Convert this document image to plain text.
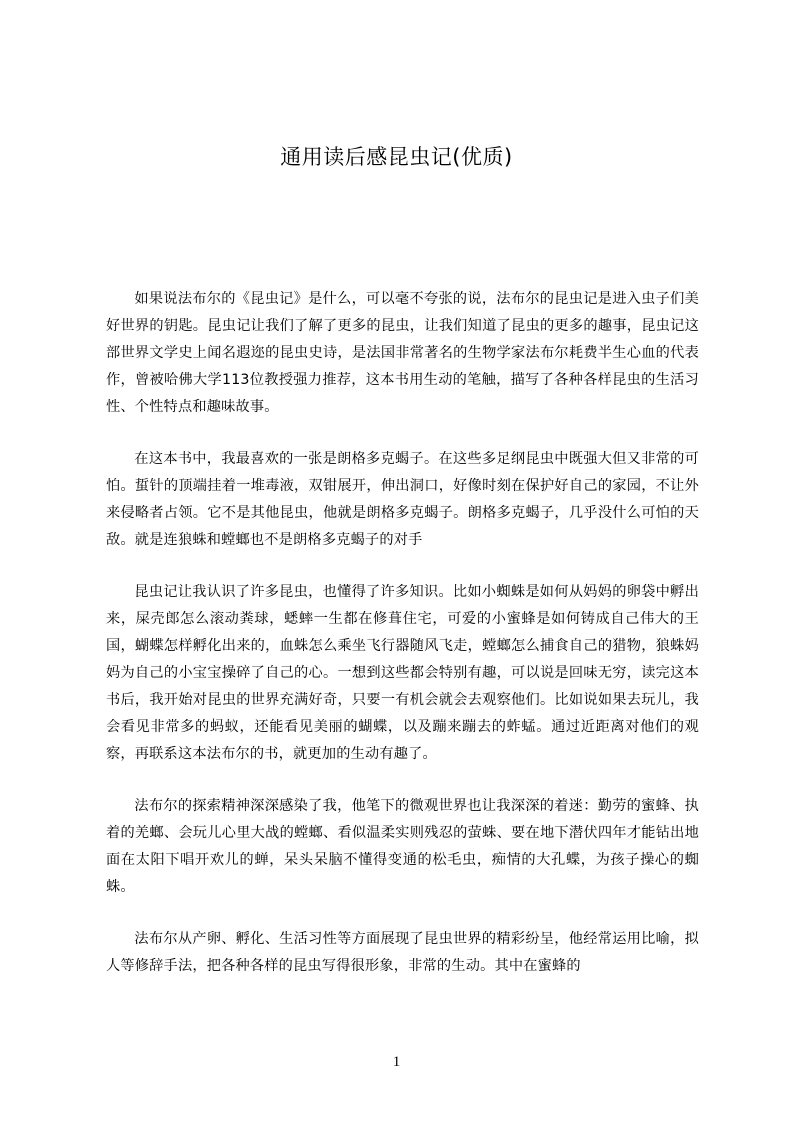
通用读后感昆虫记(优质)

如果说法布尔的《昆虫记》是什么，可以毫不夸张的说，法布尔的昆虫记是进入虫子们美好世界的钥匙。昆虫记让我们了解了更多的昆虫，让我们知道了昆虫的更多的趣事，昆虫记这部世界文学史上闻名遐迩的昆虫史诗，是法国非常著名的生物学家法布尔耗费半生心血的代表作，曾被哈佛大学113位教授强力推荐，这本书用生动的笔触，描写了各种各样昆虫的生活习性、个性特点和趣味故事。

在这本书中，我最喜欢的一张是朗格多克蝎子。在这些多足纲昆虫中既强大但又非常的可怕。蜇针的顶端挂着一堆毒液，双钳展开，伸出洞口，好像时刻在保护好自己的家园，不让外来侵略者占领。它不是其他昆虫，他就是朗格多克蝎子。朗格多克蝎子，几乎没什么可怕的天敌。就是连狼蛛和螳螂也不是朗格多克蝎子的对手

昆虫记让我认识了许多昆虫，也懂得了许多知识。比如小蜘蛛是如何从妈妈的卵袋中孵出来，屎壳郎怎么滚动粪球，蟋蟀一生都在修葺住宅，可爱的小蜜蜂是如何铸成自己伟大的王国，蝴蝶怎样孵化出来的，血蛛怎么乘坐飞行器随风飞走，螳螂怎么捕食自己的猎物，狼蛛妈妈为自己的小宝宝操碎了自己的心。一想到这些都会特别有趣，可以说是回味无穷，读完这本书后，我开始对昆虫的世界充满好奇，只要一有机会就会去观察他们。比如说如果去玩儿，我会看见非常多的蚂蚁，还能看见美丽的蝴蝶，以及蹦来蹦去的蚱蜢。通过近距离对他们的观察，再联系这本法布尔的书，就更加的生动有趣了。

法布尔的探索精神深深感染了我，他笔下的微观世界也让我深深的着迷：勤劳的蜜蜂、执着的羌螂、会玩儿心里大战的螳螂、看似温柔实则残忍的萤蛛、要在地下潜伏四年才能钻出地面在太阳下唱开欢儿的蝉，呆头呆脑不懂得变通的松毛虫，痴情的大孔蝶，为孩子操心的蜘蛛。

法布尔从产卵、孵化、生活习性等方面展现了昆虫世界的精彩纷呈，他经常运用比喻，拟人等修辞手法，把各种各样的昆虫写得很形象，非常的生动。其中在蜜蜂的

1
